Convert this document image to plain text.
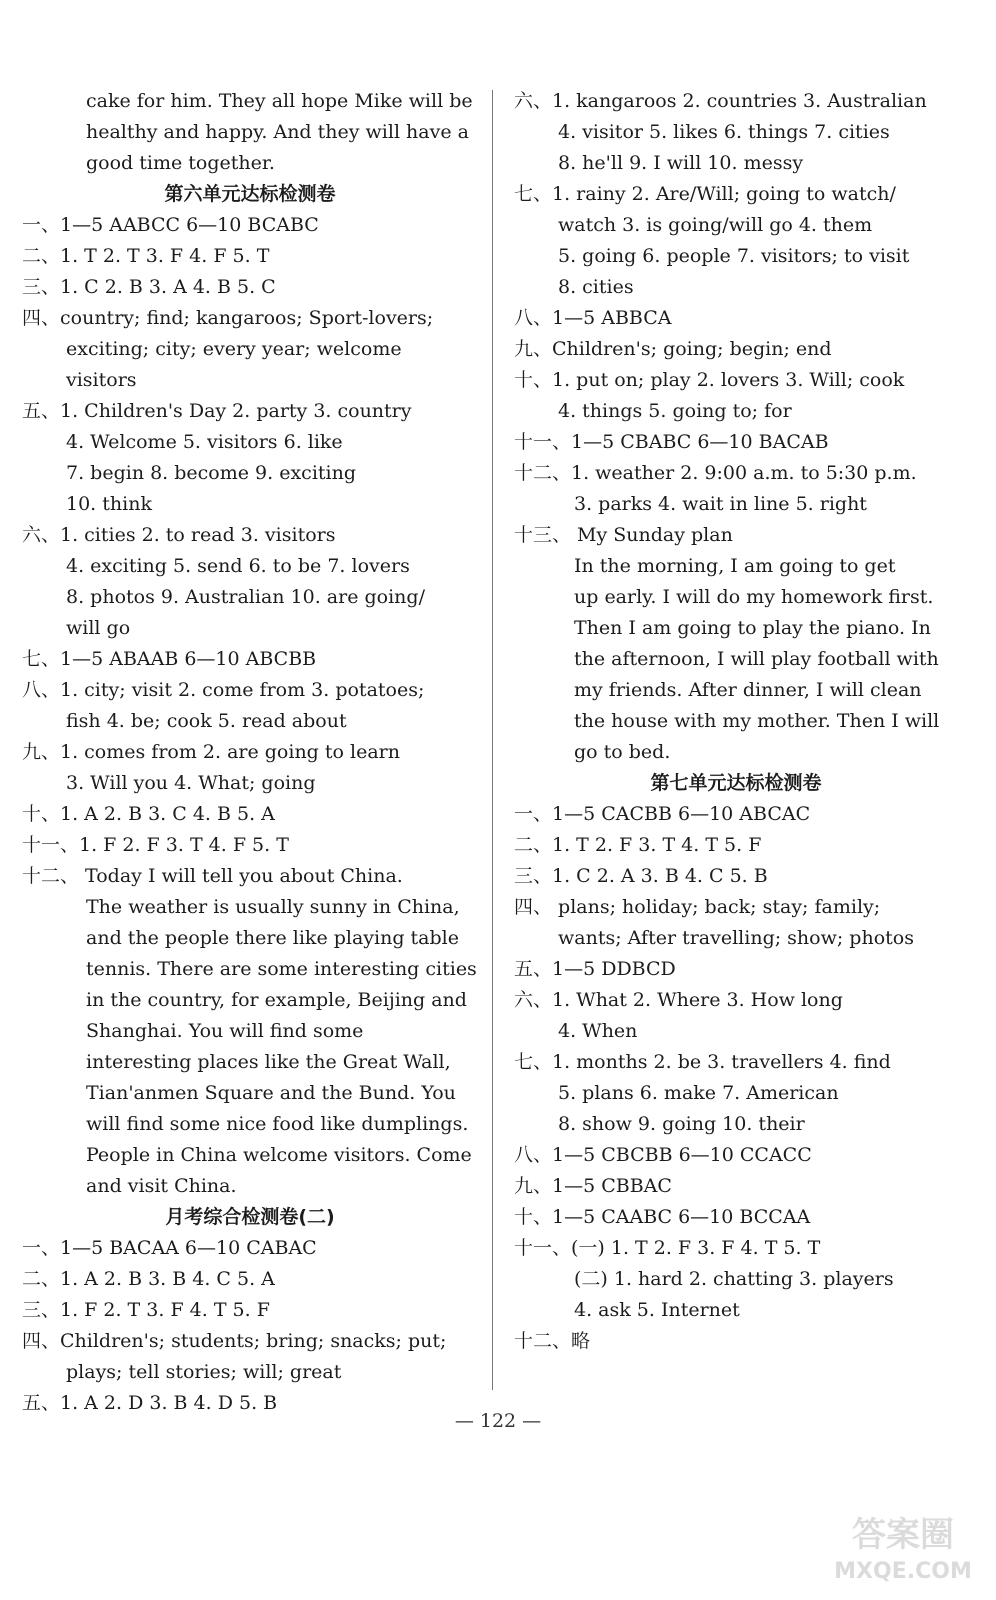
cake for him. They all hope Mike will be
healthy and happy. And they will have a
good time together.
第六单元达标检测卷
一、1—5 AABCC 6—10 BCABC
二、1. T 2. T 3. F 4. F 5. T
三、1. C 2. B 3. A 4. B 5. C
四、country; find; kangaroos; Sport-lovers;
exciting; city; every year; welcome
visitors
五、1. Children's Day 2. party 3. country
4. Welcome 5. visitors 6. like
7. begin 8. become 9. exciting
10. think
六、1. cities 2. to read 3. visitors
4. exciting 5. send 6. to be 7. lovers
8. photos 9. Australian 10. are going/
will go
七、1—5 ABAAB 6—10 ABCBB
八、1. city; visit 2. come from 3. potatoes;
fish 4. be; cook 5. read about
九、1. comes from 2. are going to learn
3. Will you 4. What; going
十、1. A 2. B 3. C 4. B 5. A
十一、1. F 2. F 3. T 4. F 5. T
十二、 Today I will tell you about China.
The weather is usually sunny in China,
and the people there like playing table
tennis. There are some interesting cities
in the country, for example, Beijing and
Shanghai. You will find some
interesting places like the Great Wall,
Tian'anmen Square and the Bund. You
will find some nice food like dumplings.
People in China welcome visitors. Come
and visit China.
月考综合检测卷(二)
一、1—5 BACAA 6—10 CABAC
二、1. A 2. B 3. B 4. C 5. A
三、1. F 2. T 3. F 4. T 5. F
四、Children's; students; bring; snacks; put;
plays; tell stories; will; great
五、1. A 2. D 3. B 4. D 5. B
六、1. kangaroos 2. countries 3. Australian
4. visitor 5. likes 6. things 7. cities
8. he'll 9. I will 10. messy
七、1. rainy 2. Are/Will; going to watch/
watch 3. is going/will go 4. them
5. going 6. people 7. visitors; to visit
8. cities
八、1—5 ABBCA
九、Children's; going; begin; end
十、1. put on; play 2. lovers 3. Will; cook
4. things 5. going to; for
十一、1—5 CBABC 6—10 BACAB
十二、1. weather 2. 9:00 a.m. to 5:30 p.m.
3. parks 4. wait in line 5. right
十三、 My Sunday plan
In the morning, I am going to get
up early. I will do my homework first.
Then I am going to play the piano. In
the afternoon, I will play football with
my friends. After dinner, I will clean
the house with my mother. Then I will
go to bed.
第七单元达标检测卷
一、1—5 CACBB 6—10 ABCAC
二、1. T 2. F 3. T 4. T 5. F
三、1. C 2. A 3. B 4. C 5. B
四、 plans; holiday; back; stay; family;
wants; After travelling; show; photos
五、1—5 DDBCD
六、1. What 2. Where 3. How long
4. When
七、1. months 2. be 3. travellers 4. find
5. plans 6. make 7. American
8. show 9. going 10. their
八、1—5 CBCBB 6—10 CCACC
九、1—5 CBBAC
十、1—5 CAABC 6—10 BCCAA
十一、(一) 1. T 2. F 3. F 4. T 5. T
(二) 1. hard 2. chatting 3. players
4. ask 5. Internet
十二、略
— 122 —
答案圈
MXQE.COM
